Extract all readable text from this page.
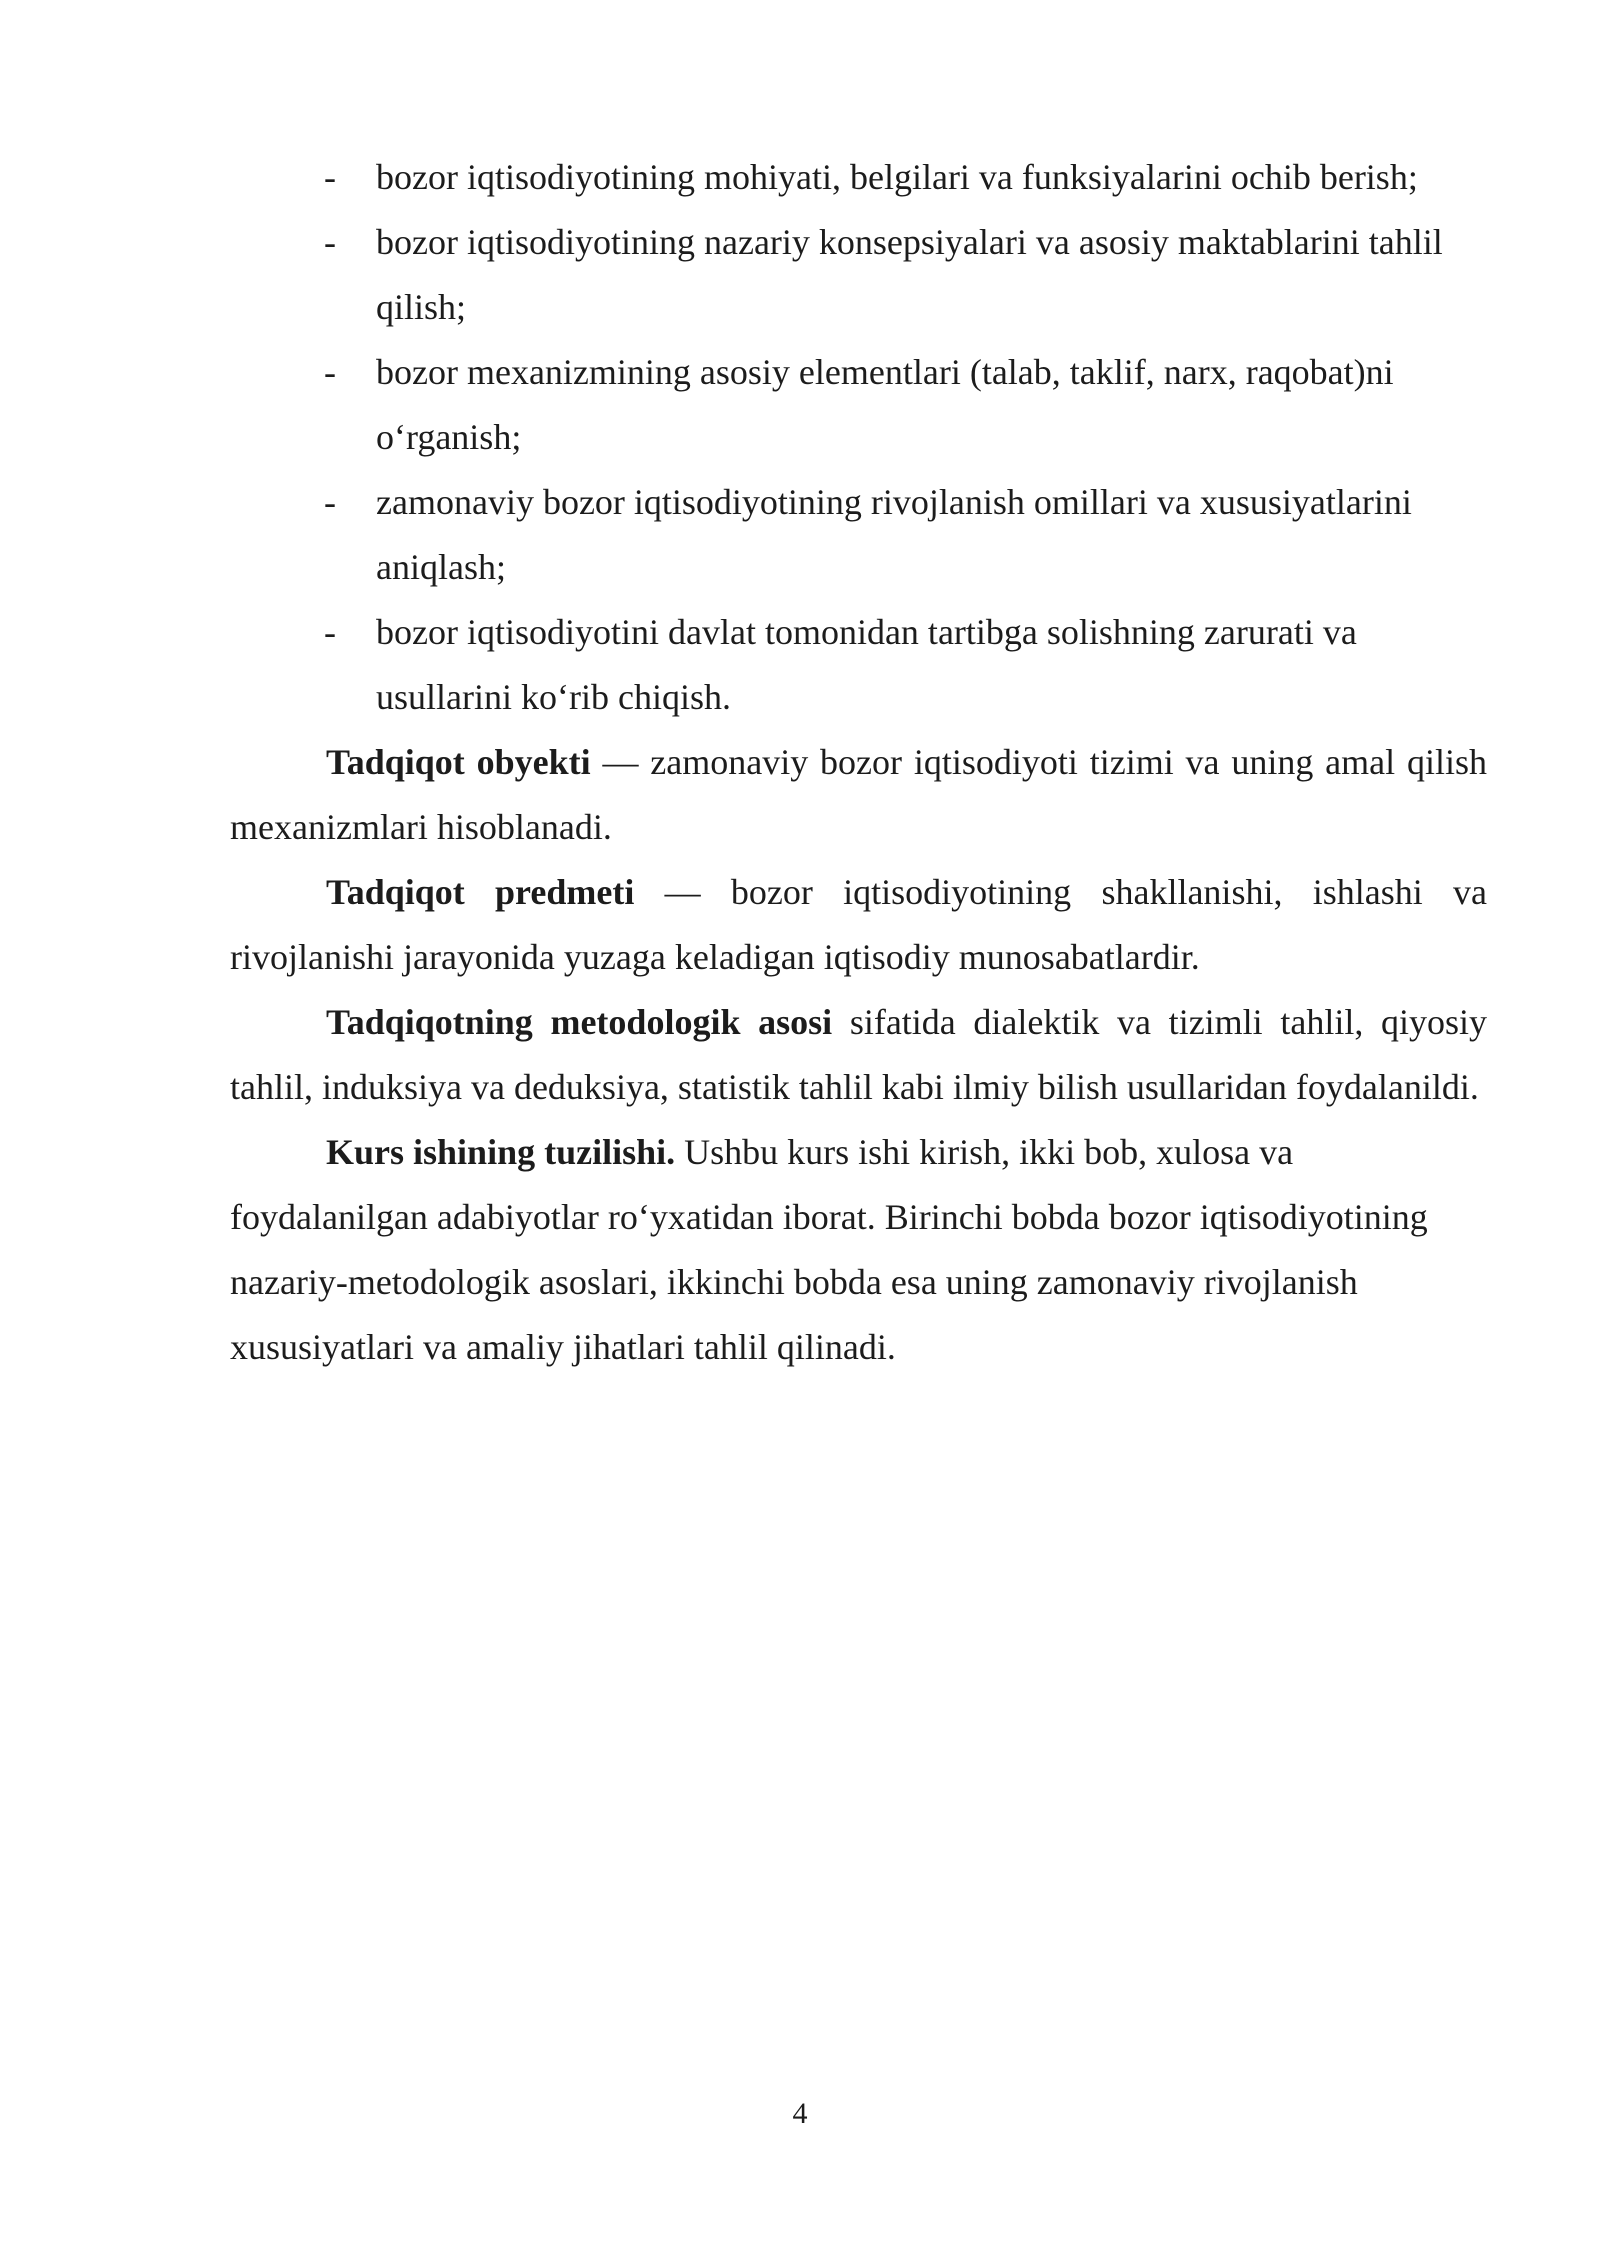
- bozor iqtisodiyotining mohiyati, belgilari va funksiyalarini ochib berish;
- bozor iqtisodiyotining nazariy konsepsiyalari va asosiy maktablarini tahlil qilish;
- bozor mexanizmining asosiy elementlari (talab, taklif, narx, raqobat)ni o‘rganish;
- zamonaviy bozor iqtisodiyotining rivojlanish omillari va xususiyatlarini aniqlash;
- bozor iqtisodiyotini davlat tomonidan tartibga solishning zarurati va usullarini ko‘rib chiqish.

Tadqiqot obyekti — zamonaviy bozor iqtisodiyoti tizimi va uning amal qilish mexanizmlari hisoblanadi.

Tadqiqot predmeti — bozor iqtisodiyotining shakllanishi, ishlashi va rivojlanishi jarayonida yuzaga keladigan iqtisodiy munosabatlardir.

Tadqiqotning metodologik asosi sifatida dialektik va tizimli tahlil, qiyosiy tahlil, induksiya va deduksiya, statistik tahlil kabi ilmiy bilish usullaridan foydalanildi.

Kurs ishining tuzilishi. Ushbu kurs ishi kirish, ikki bob, xulosa va foydalanilgan adabiyotlar ro‘yxatidan iborat. Birinchi bobda bozor iqtisodiyotining nazariy-metodologik asoslari, ikkinchi bobda esa uning zamonaviy rivojlanish xususiyatlari va amaliy jihatlari tahlil qilinadi.

4
